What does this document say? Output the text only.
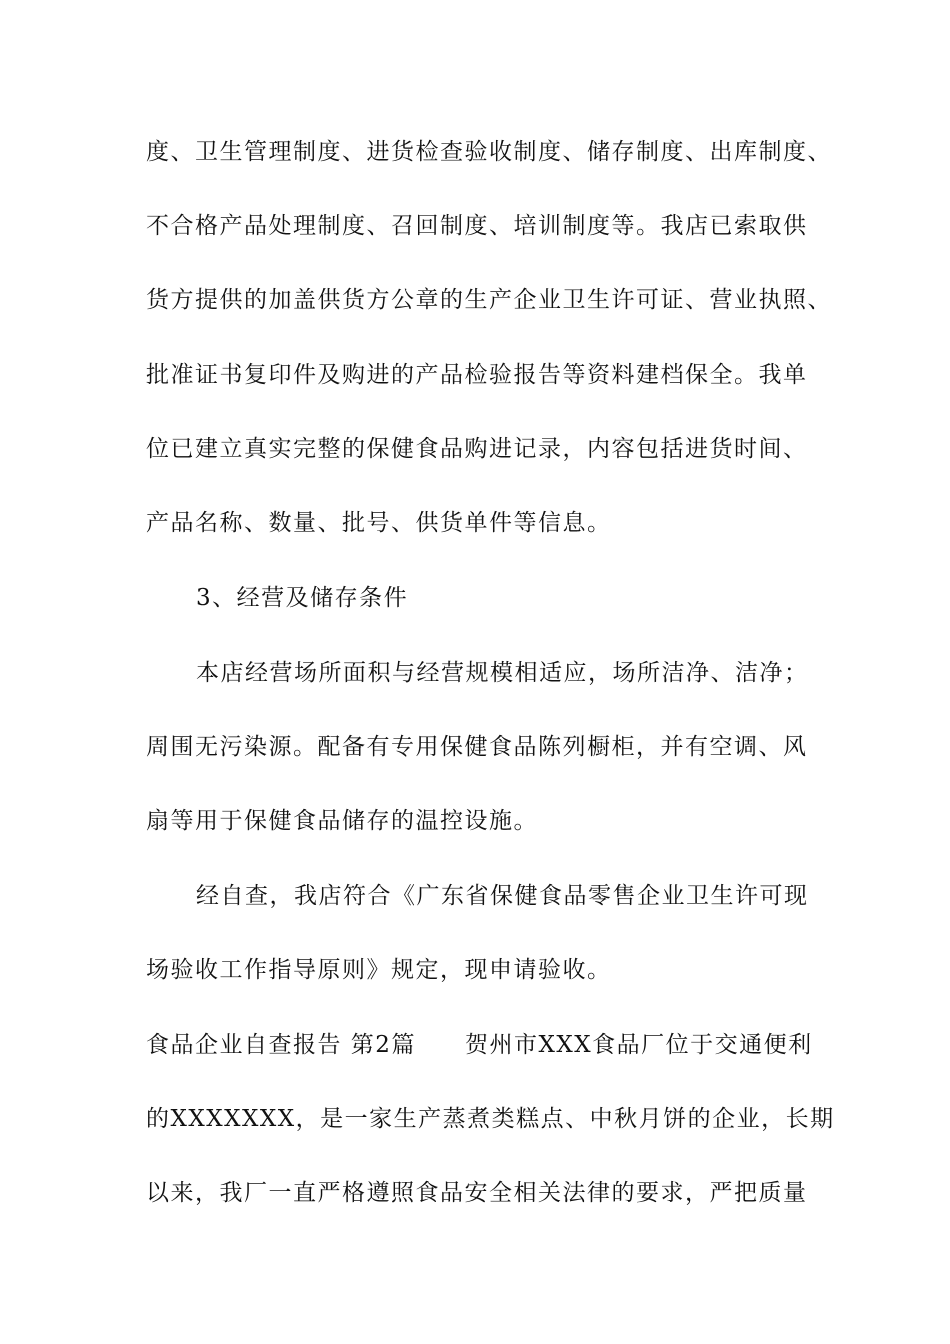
度、卫生管理制度、进货检查验收制度、储存制度、出库制度、
不合格产品处理制度、召回制度、培训制度等。我店已索取供
货方提供的加盖供货方公章的生产企业卫生许可证、营业执照、
批准证书复印件及购进的产品检验报告等资料建档保全。我单
位已建立真实完整的保健食品购进记录，内容包括进货时间、
产品名称、数量、批号、供货单件等信息。
3、经营及储存条件
本店经营场所面积与经营规模相适应，场所洁净、洁净；
周围无污染源。配备有专用保健食品陈列橱柜，并有空调、风
扇等用于保健食品储存的温控设施。
经自查，我店符合《广东省保健食品零售企业卫生许可现
场验收工作指导原则》规定，现申请验收。
食品企业自查报告 第2篇　　贺州市XXX食品厂位于交通便利
的XXXXXXX，是一家生产蒸煮类糕点、中秋月饼的企业，长期
以来，我厂一直严格遵照食品安全相关法律的要求，严把质量
